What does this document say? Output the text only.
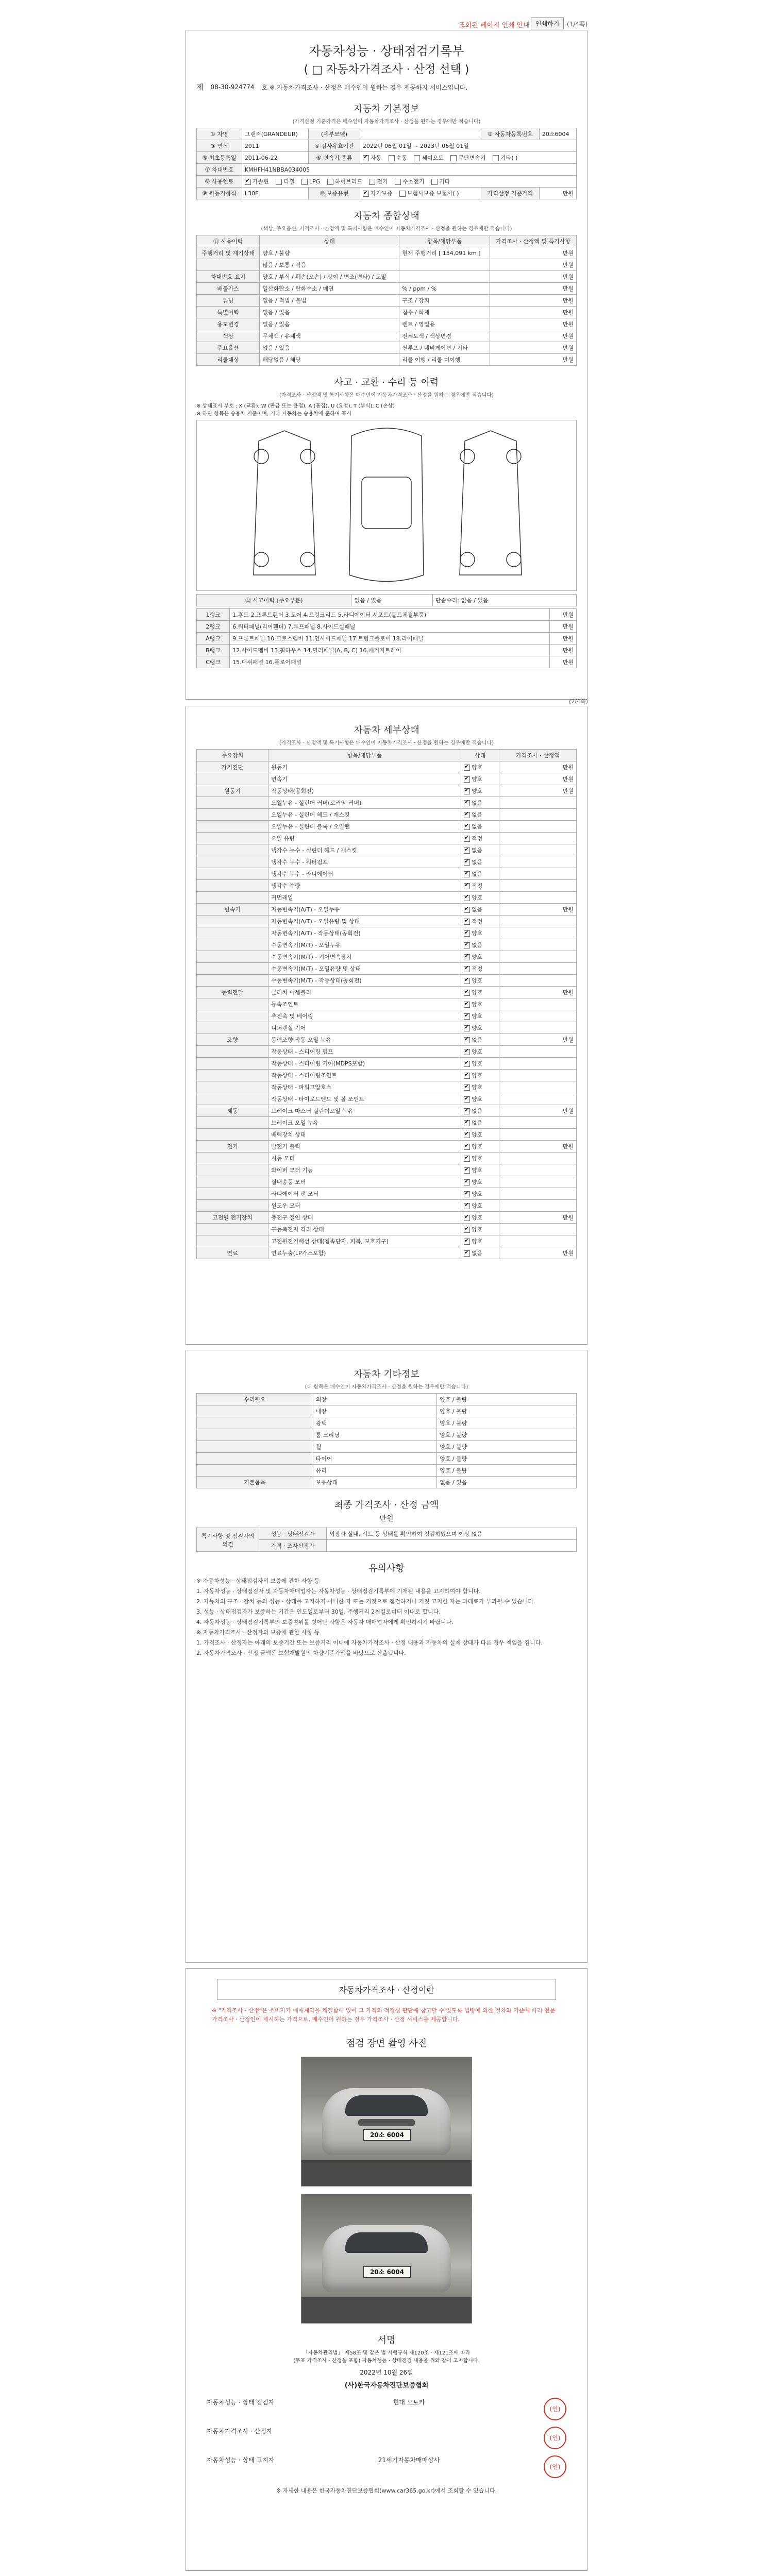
조회된 페이지 인쇄 안내 인쇄하기	(1/4쪽)
자동차성능 · 상태점검기록부
( □ 자동차가격조사 · 산정 선택 )
제 08-30-924774 호 ※ 자동차가격조사 · 산정은 매수인이 원하는 경우 제공하지 서비스입니다.
자동차 기본정보
(가격산정 기준가격은 매수인이 자동차가격조사 · 산정을 원하는 경우에만 적습니다)
① 차명	그랜저(GRANDEUR)	(세부모델)		② 자동차등록번호	20소6004
③ 연식	2011	④ 검사유효기간	2022년 06월 01일 ~ 2023년 06월 01일		
⑤ 최초등록일	2011-06-22	⑥ 변속기 종류	✔자동 수동 세미오토 무단변속기 기타( )
⑦ 차대번호	KMHFH41NBBA034005				
⑧ 사용연료	✔가솔린 디젤 LPG 하이브리드 전기 수소전기 기타
⑨ 원동기형식	L30E	⑩ 보증유형	✔자가보증 보험사보증 보험사( )	가격산정 기준가격	만원
자동차 종합상태
(색상, 주요옵션, 가격조사 · 산정액 및 특기사항은 매수인이 자동차가격조사 · 산정을 원하는 경우에만 적습니다)
⑪ 사용이력	상태	항목/해당부품	가격조사 · 산정액 및 특기사항
주행거리 및 계기상태	양호 / 불량	현재 주행거리 [ 154,091 km ]	만원
	많음 / 보통 / 적음		만원
차대번호 표기	양호 / 부식 / 훼손(오손) / 상이 / 변조(변타) / 도말		만원
배출가스	일산화탄소 / 탄화수소 / 매연	% / ppm / %	만원
튜닝	없음 / 적법 / 불법	구조 / 장치	만원
특별이력	없음 / 있음	침수 / 화재	만원
용도변경	없음 / 있음	렌트 / 영업용	만원
색상	무채색 / 유채색	전체도색 / 색상변경	만원
주요옵션	없음 / 있음	썬루프 / 네비게이션 / 기타	만원
리콜대상	해당없음 / 해당	리콜 이행 / 리콜 미이행	만원
사고 · 교환 · 수리 등 이력
(가격조사 · 산정액 및 특기사항은 매수인이 자동차가격조사 · 산정을 원하는 경우에만 적습니다)
※ 상태표시 부호 : X (교환), W (판금 또는 용접), A (흠집), U (요철), T (부식), C (손상)
※ 하단 항목은 승용차 기준이며, 기타 자동차는 승용차에 준하여 표시
⑫ 사고이력 (주요부분)	없음 / 있음	단순수리: 없음 / 있음
1랭크	1.후드 2.프론트휀더 3.도어 4.트렁크리드 5.라디에이터 서포트(볼트체결부품)	만원
2랭크	6.쿼터패널(리어휀더) 7.루프패널 8.사이드실패널	만원
A랭크	9.프론트패널 10.크로스멤버 11.인사이드패널 17.트렁크플로어 18.리어패널	만원
B랭크	12.사이드멤버 13.휠하우스 14.필러패널(A, B, C) 16.패키지트레이	만원
C랭크	15.대쉬패널 16.플로어패널	만원
(2/4쪽)
자동차 세부상태
(가격조사 · 산정액 및 특기사항은 매수인이 자동차가격조사 · 산정을 원하는 경우에만 적습니다)
주요장치	항목/해당부품	상태	가격조사 · 산정액
자기진단	원동기	✔양호	만원
	변속기	✔양호	만원
원동기	작동상태(공회전)	✔양호	만원
	오일누유 - 실린더 커버(로커암 커버)	✔없음	
	오일누유 - 실린더 헤드 / 개스킷	✔없음	
	오일누유 - 실린더 블록 / 오일팬	✔없음	
	오일 유량	✔적정	
	냉각수 누수 - 실린더 헤드 / 개스킷	✔없음	
	냉각수 누수 - 워터펌프	✔없음	
	냉각수 누수 - 라디에이터	✔없음	
	냉각수 수량	✔적정	
	커먼레일	✔양호	
변속기	자동변속기(A/T) - 오일누유	✔없음	만원
	자동변속기(A/T) - 오일유량 및 상태	✔적정	
	자동변속기(A/T) - 작동상태(공회전)	✔양호	
	수동변속기(M/T) - 오일누유	✔없음	
	수동변속기(M/T) - 기어변속장치	✔양호	
	수동변속기(M/T) - 오일유량 및 상태	✔적정	
	수동변속기(M/T) - 작동상태(공회전)	✔양호	
동력전달	클러치 어셈블리	✔양호	만원
	등속조인트	✔양호	
	추진축 및 베어링	✔양호	
	디퍼렌셜 기어	✔양호	
조향	동력조향 작동 오일 누유	✔없음	만원
	작동상태 - 스티어링 펌프	✔양호	
	작동상태 - 스티어링 기어(MDPS포함)	✔양호	
	작동상태 - 스티어링조인트	✔양호	
	작동상태 - 파워고압호스	✔양호	
	작동상태 - 타이로드엔드 및 볼 조인트	✔양호	
제동	브레이크 마스터 실린더오일 누유	✔없음	만원
	브레이크 오일 누유	✔없음	
	배력장치 상태	✔양호	
전기	발전기 출력	✔양호	만원
	시동 모터	✔양호	
	와이퍼 모터 기능	✔양호	
	실내송풍 모터	✔양호	
	라디에이터 팬 모터	✔양호	
	윈도우 모터	✔양호	
고전원 전기장치	충전구 절연 상태	✔양호	만원
	구동축전지 격리 상태	✔양호	
	고전원전기배선 상태(접속단자, 피복, 보호기구)	✔양호	
연료	연료누출(LP가스포함)	✔없음	만원
자동차 기타정보
(더 항목은 매수인이 자동차가격조사 · 산정을 원하는 경우에만 적습니다)
수리필요	외장	양호 / 불량
	내장	양호 / 불량
	광택	양호 / 불량
	룸 크리닝	양호 / 불량
	휠	양호 / 불량
	타이어	양호 / 불량
	유리	양호 / 불량
기본품목	보유상태	없음 / 있음
최종 가격조사 · 산정 금액
만원
특기사항 및 점검자의 의견	성능 · 상태점검자	외장과 실내, 시트 등 상태를 확인하여 점검하였으며 이상 없음
	가격 · 조사산정자	
유의사항

※ 자동차성능 · 상태점검자의 보증에 관한 사항 등

1. 자동차성능 · 상태점검자 및 자동차매매업자는 자동차성능 · 상태점검기록부에 기재된 내용을 고지하여야 합니다.

2. 자동차의 구조 · 장치 등의 성능 · 상태를 고지하지 아니한 자 또는 거짓으로 점검하거나 거짓 고지한 자는 과태료가 부과될 수 있습니다.

3. 성능 · 상태점검자가 보증하는 기간은 인도일로부터 30일, 주행거리 2천킬로미터 이내로 합니다.

4. 자동차성능 · 상태점검기록부의 보증범위를 벗어난 사항은 자동차 매매업자에게 확인하시기 바랍니다.

※ 자동차가격조사 · 산정자의 보증에 관한 사항 등

1. 가격조사 · 산정자는 아래의 보증기간 또는 보증거리 이내에 자동차가격조사 · 산정 내용과 자동차의 실제 상태가 다른 경우 책임을 집니다.

2. 자동차가격조사 · 산정 금액은 보험개발원의 차량기준가액을 바탕으로 산출됩니다.

자동차가격조사 · 산정이란
※ "가격조사 · 산정"은 소비자가 매매계약을 체결함에 있어 그 가격의 적정성 판단에 참고할 수 있도록 법령에 의한 절차와 기준에 따라 전문 가격조사 · 산정인이 제시하는 가격으로, 매수인이 원하는 경우 가격조사 · 산정 서비스를 제공합니다.
점검 장면 촬영 사진
20소 6004
20소 6004
서명
「자동차관리법」 제58조 및 같은 법 시행규칙 제120조 · 제121조에 따라
(무표 가격조사 · 산정을 포함) 자동차성능 · 상태점검 내용을 위와 같이 고지합니다.
2022년 10월 26일
(사)한국자동차진단보증협회
자동차성능 · 상태 점검자	현대 오토카
(인)
자동차가격조사 · 산정자
(인)
자동차성능 · 상태 고지자	21세기자동차매매상사
(인)
※ 자세한 내용은 한국자동차진단보증협회(www.car365.go.kr)에서 조회할 수 있습니다.
